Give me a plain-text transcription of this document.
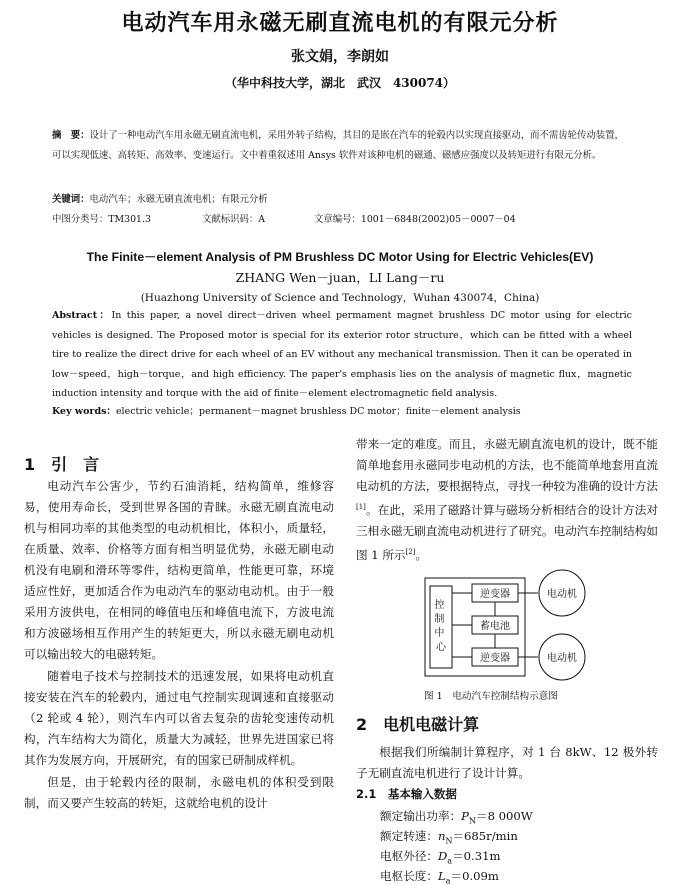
电动汽车用永磁无刷直流电机的有限元分析
张文娟，李朗如
（华中科技大学，湖北　武汉　430074）
摘　要：设计了一种电动汽车用永磁无刷直流电机，采用外转子结构，其目的是嵌在汽车的轮毂内以实现直接驱动，而不需齿轮传动装置，可以实现低速、高转矩、高效率、变速运行。文中着重叙述用 Ansys 软件对该种电机的磁通、磁感应强度以及转矩进行有限元分析。
关键词：电动汽车；永磁无刷直流电机；有限元分析
中图分类号：TM301.3	文献标识码：A	文章编号：1001－6848(2002)05－0007－04
The Finite－element Analysis of PM Brushless DC Motor Using for Electric Vehicles(EV)
ZHANG Wen－juan，LI Lang－ru
(Huazhong University of Science and Technology，Wuhan 430074，China)
Abstract：In this paper, a novel direct－driven wheel permament magnet brushless DC motor using for electric vehicles is designed. The Proposed motor is special for its exterior rotor structure，which can be fitted with a wheel tire to realize the direct drive for each wheel of an EV without any mechanical transmission. Then it can be operated in low－speed，high－torque，and high efficiency. The paper's emphasis lies on the analysis of magnetic flux，magnetic induction intensity and torque with the aid of finite－element electromagnetic field analysis.
Key words：electric vehicle；permanent－magnet brushless DC motor；finite－element analysis
1　引　言

电动汽车公害少，节约石油消耗，结构简单，维修容易，使用寿命长，受到世界各国的青睐。永磁无刷直流电动机与相同功率的其他类型的电动机相比，体积小，质量轻，在质量、效率、价格等方面有相当明显优势，永磁无刷电动机没有电刷和滑环等零件，结构更简单，性能更可靠，环境适应性好，更加适合作为电动汽车的驱动电动机。由于一般采用方波供电，在相同的峰值电压和峰值电流下，方波电流和方波磁场相互作用产生的转矩更大，所以永磁无刷电动机可以输出较大的电磁转矩。

随着电子技术与控制技术的迅速发展，如果将电动机直接安装在汽车的轮毂内，通过电气控制实现调速和直接驱动（2 轮或 4 轮），则汽车内可以省去复杂的齿轮变速传动机构，汽车结构大为简化，质量大为减轻，世界先进国家已将其作为发展方向，开展研究，有的国家已研制成样机。

但是，由于轮毂内径的限制，永磁电机的体积受到限制，而又要产生较高的转矩，这就给电机的设计

带来一定的难度。而且，永磁无刷直流电机的设计，既不能简单地套用永磁同步电动机的方法，也不能简单地套用直流电动机的方法，要根据特点，寻找一种较为准确的设计方法[1]。在此，采用了磁路计算与磁场分析相结合的设计方法对三相永磁无刷直流电动机进行了研究。电动汽车控制结构如图 1 所示[2]。

控 制 中 心
逆变器
蓄电池
逆变器
电动机
电动机
图 1　电动汽车控制结构示意图
2　电机电磁计算

根据我们所编制计算程序，对 1 台 8kW、12 极外转子无刷直流电机进行了设计计算。

2.1　基本输入数据
额定输出功率：$P_N=8$ 000W
额定转速：$n_N=685r/\min$
电枢外径：$D_a=0.31m$
电枢长度：$L_a=0.09m$
